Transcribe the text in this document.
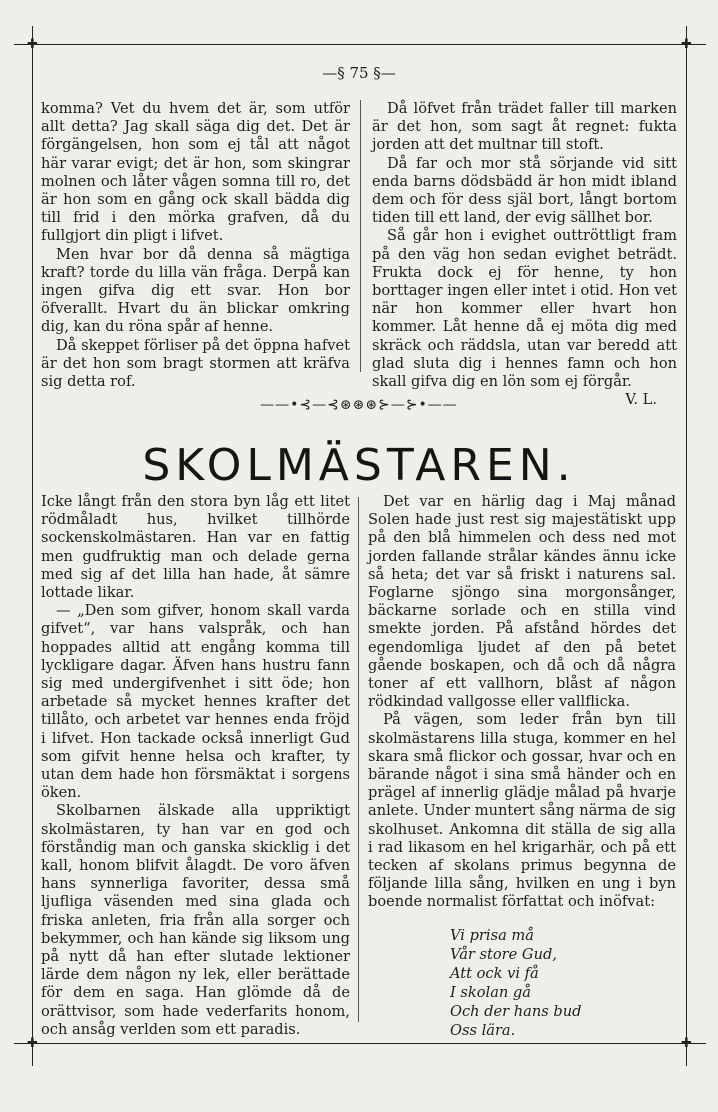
✚	✚
✚	✚
—§ 75 §—

komma? Vet du hvem det är, som utför allt detta? Jag skall säga dig det. Det är förgängelsen, hon som ej tål att något här varar evigt; det är hon, som skingrar molnen och låter vågen somna till ro, det är hon som en gång ock skall bädda dig till frid i den mörka grafven, då du fullgjort din pligt i lifvet.

Men hvar bor då denna så mägtiga kraft? torde du lilla vän fråga. Derpå kan ingen gifva dig ett svar. Hon bor öfverallt. Hvart du än blickar omkring dig, kan du röna spår af henne.

Då skeppet förliser på det öppna hafvet är det hon som bragt stormen att kräfva sig detta rof.

Då löfvet från trädet faller till marken är det hon, som sagt åt regnet: fukta jorden att det multnar till stoft.

Då far och mor stå sörjande vid sitt enda barns dödsbädd är hon midt ibland dem och för dess själ bort, långt bortom tiden till ett land, der evig sällhet bor.

Så går hon i evighet outtröttligt fram på den väg hon sedan evighet beträdt. Frukta dock ej för henne, ty hon borttager ingen eller intet i otid. Hon vet när hon kommer eller hvart hon kommer. Låt henne då ej möta dig med skräck och räddsla, utan var beredd att glad sluta dig i hennes famn och hon skall gifva dig en lön som ej förgår.

V. L.
——•⊰—⊰⊛⊛⊛⊱—⊱•——
SKOLMÄSTAREN.

Icke långt från den stora byn låg ett litet rödmåladt hus, hvilket tillhörde sockenskolmästaren. Han var en fattig men gudfruktig man och delade gerna med sig af det lilla han hade, åt sämre lottade likar.

— „Den som gifver, honom skall varda gifvet“, var hans valspråk, och han hoppades alltid att engång komma till lyckligare dagar. Äfven hans hustru fann sig med undergifvenhet i sitt öde; hon arbetade så mycket hennes krafter det tillåto, och arbetet var hennes enda fröjd i lifvet. Hon tackade också innerligt Gud som gifvit henne helsa och krafter, ty utan dem hade hon försmäktat i sorgens öken.

Skolbarnen älskade alla uppriktigt skolmästaren, ty han var en god och förståndig man och ganska skicklig i det kall, honom blifvit ålagdt. De voro äfven hans synnerliga favoriter, dessa små ljufliga väsenden med sina glada och friska anleten, fria från alla sorger och bekymmer, och han kände sig liksom ung på nytt då han efter slutade lektioner lärde dem någon ny lek, eller berättade för dem en saga. Han glömde då de orättvisor, som hade vederfarits honom, och ansåg verlden som ett paradis.

Det var en härlig dag i Maj månad Solen hade just rest sig majestätiskt upp på den blå himmelen och dess ned mot jorden fallande strålar kändes ännu icke så heta; det var så friskt i naturens sal. Foglarne sjöngo sina morgonsånger, bäckarne sorlade och en stilla vind smekte jorden. På afstånd hördes det egendomliga ljudet af den på betet gående boskapen, och då och då några toner af ett vallhorn, blåst af någon rödkindad vallgosse eller vallflicka.

På vägen, som leder från byn till skolmästarens lilla stuga, kommer en hel skara små flickor och gossar, hvar och en bärande något i sina små händer och en prägel af innerlig glädje målad på hvarje anlete. Under muntert sång närma de sig skolhuset. Ankomna dit ställa de sig alla i rad likasom en hel krigarhär, och på ett tecken af skolans primus begynna de följande lilla sång, hvilken en ung i byn boende normalist författat och inöfvat:

Vi prisa må
Vår store Gud,
Att ock vi få
I skolan gå
Och der hans bud
Oss lära.
